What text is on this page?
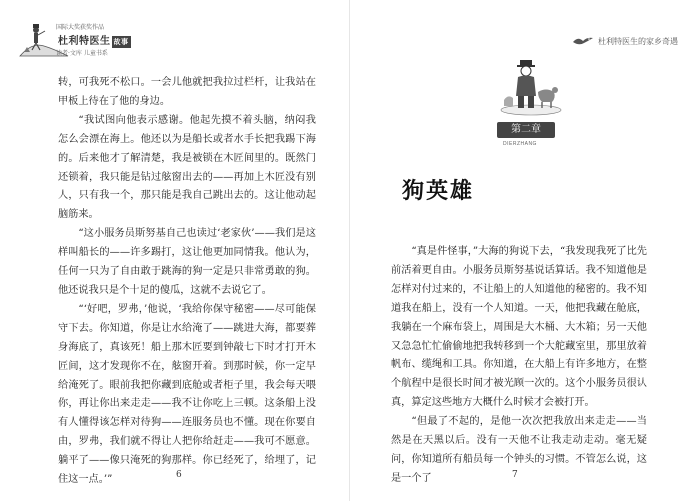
国际大奖获奖作品
杜利特医生 故事
读者·文库 儿童书系

转，可我死不松口。一会儿他就把我拉过栏杆，让我站在甲板上待在了他的身边。

“我试图向他表示感谢。他起先摸不着头脑，纳闷我怎么会漂在海上。他还以为是船长或者水手长把我踢下海的。后来他才了解清楚，我是被锁在木匠间里的。既然门还锁着，我只能是钻过舷窗出去的——再加上木匠没有别人，只有我一个，那只能是我自己跳出去的。这让他动起脑筋来。

“这小服务员斯努基自己也读过‘老家伙’——我们是这样叫船长的——许多踢打，这让他更加同情我。他认为，任何一只为了自由敢于跳海的狗一定是只非常勇敢的狗。他还说我只是个十足的傻瓜，这就不去说它了。

“‘好吧，罗弗，’他说，‘我给你保守秘密——尽可能保守下去。你知道，你是让水给淹了——跳进大海，都要葬身海底了，真该死！船上那木匠要到钟敲七下时才打开木匠间，这才发现你不在，舷窗开着。到那时候，你一定早给淹死了。眼前我把你藏到底舱或者柜子里，我会每天喂你，再让你出来走走——我不让你吃上三顿。这条船上没有人懂得该怎样对待狗——连服务员也不懂。现在你要自由，罗弗，我们就不得让人把你给赶走——我可不愿意。躺平了——像只淹死的狗那样。你已经死了，给埋了，记住这一点。’”	6
杜利特医生的家乡奇遇
第二章
DIERZHANG
狗英雄

“真是件怪事，”大海的狗说下去，“我发现我死了比先前活着更自由。小服务员斯努基说话算话。我不知道他是怎样对付过来的，不让船上的人知道他的秘密的。我不知道我在船上，没有一个人知道。一天，他把我藏在舱底，我躺在一个麻布袋上，周围是大木桶、大木箱；另一天他又急急忙忙偷偷地把我转移到一个大舵藏室里，那里放着帆布、缆绳和工具。你知道，在大船上有许多地方，在整个航程中是很长时间才被光顾一次的。这个小服务员很认真，算定这些地方大概什么时候才会被打开。

“但最了不起的，是他一次次把我放出来走走——当然是在天黑以后。没有一天他不让我走动走动。毫无疑问，你知道所有船员每一个钟头的习惯。不管怎么说，这是一个了	7
